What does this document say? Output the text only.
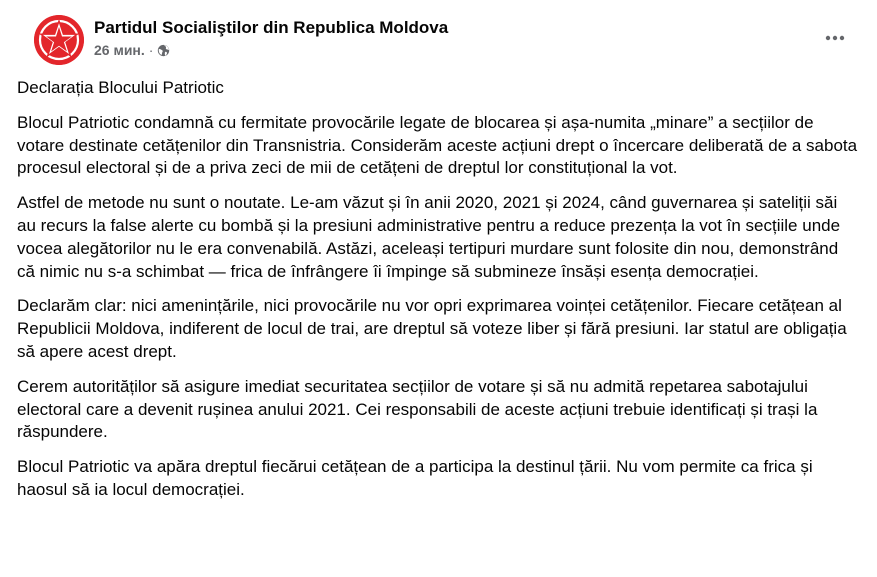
Partidul Socialiştilor din Republica Moldova
26 мин. ·

Declarația Blocului Patriotic

Blocul Patriotic condamnă cu fermitate provocările legate de blocarea și așa-numita „minare” a secțiilor de votare destinate cetățenilor din Transnistria. Considerăm aceste acțiuni drept o încercare deliberată de a sabota procesul electoral și de a priva zeci de mii de cetățeni de dreptul lor constituțional la vot.

Astfel de metode nu sunt o noutate. Le-am văzut și în anii 2020, 2021 și 2024, când guvernarea și sateliții săi au recurs la false alerte cu bombă și la presiuni administrative pentru a reduce prezența la vot în secțiile unde vocea alegătorilor nu le era convenabilă. Astăzi, aceleași tertipuri murdare sunt folosite din nou, demonstrând că nimic nu s-a schimbat — frica de înfrângere îi împinge să submineze însăși esența democrației.

Declarăm clar: nici amenințările, nici provocările nu vor opri exprimarea voinței cetățenilor. Fiecare cetățean al Republicii Moldova, indiferent de locul de trai, are dreptul să voteze liber și fără presiuni. Iar statul are obligația să apere acest drept.

Cerem autorităților să asigure imediat securitatea secțiilor de votare și să nu admită repetarea sabotajului electoral care a devenit rușinea anului 2021. Cei responsabili de aceste acțiuni trebuie identificați și trași la răspundere.

Blocul Patriotic va apăra dreptul fiecărui cetățean de a participa la destinul țării. Nu vom permite ca frica și haosul să ia locul democrației.
